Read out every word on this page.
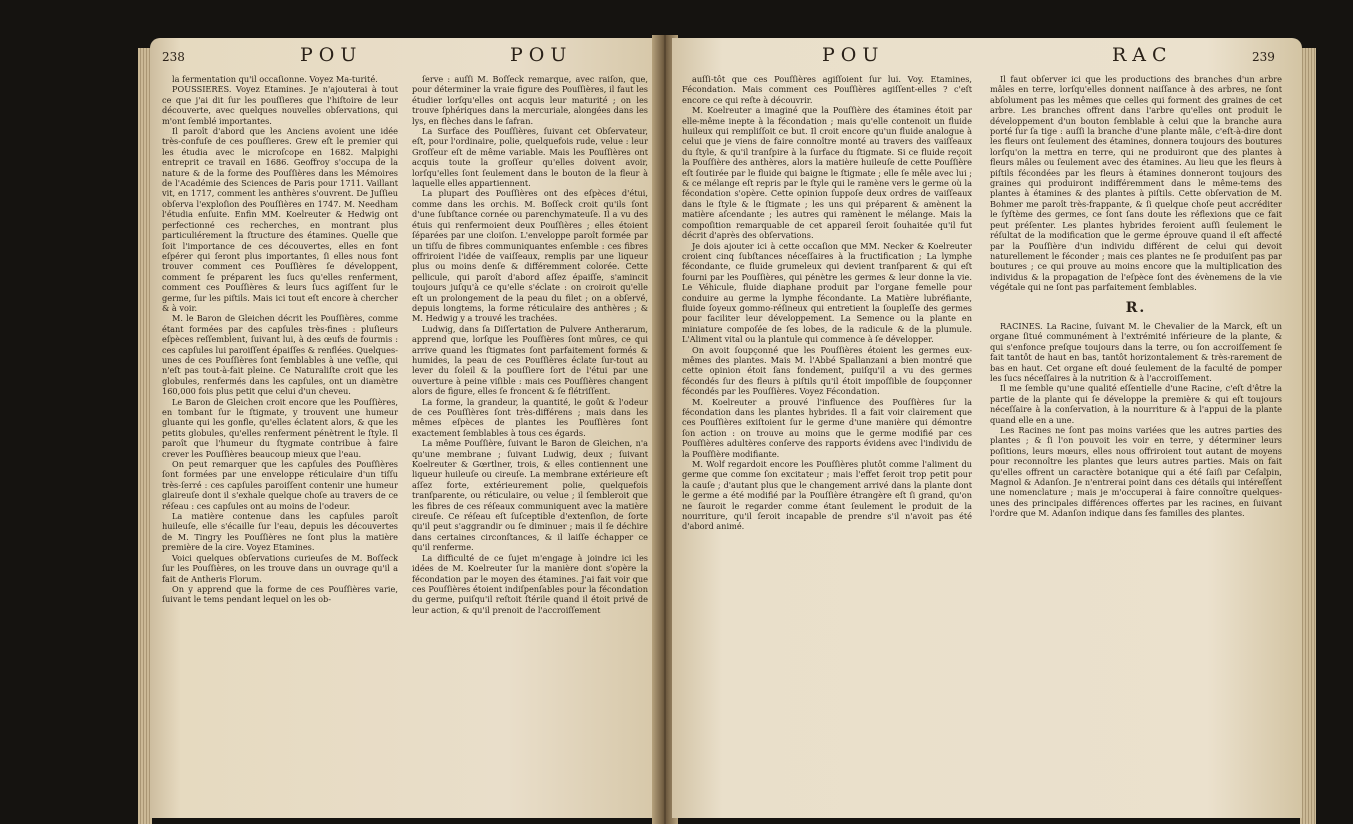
238	POU	POU

la fermentation qu'il occaſionne. Voyez Ma-turité.

POUSSIERES. Voyez Etamines. Je n'ajouterai à tout ce que j'ai dit ſur les pouſſieres que l'hiſtoire de leur découverte, avec quelques nouvelles obſervations, qui m'ont ſemblé importantes.

Il paroît d'abord que les Anciens avoient une idée très-confuſe de ces pouſſieres. Grew eſt le premier qui les étudia avec le microſcope en 1682. Malpighi entreprit ce travail en 1686. Geoffroy s'occupa de la nature & de la forme des Pouſſières dans les Mémoires de l'Académie des Sciences de Paris pour 1711. Vaillant vit, en 1717, comment les anthères s'ouvrent. De Juſſieu obſerva l'exploſion des Pouſſières en 1747. M. Needham l'étudia enſuite. Enfin MM. Koelreuter & Hedwig ont perfectionné ces recherches, en montrant plus particuliérement la ſtructure des étamines. Quelle que ſoit l'importance de ces découvertes, elles en font eſpérer qui ſeront plus importantes, ſi elles nous font trouver comment ces Pouſſières ſe développent, comment ſe préparent les ſucs qu'elles renferment, comment ces Pouſſières & leurs ſucs agiſſent ſur le germe, ſur les piſtils. Mais ici tout eſt encore à chercher & à voir.

M. le Baron de Gleichen décrit les Pouſſières, comme étant formées par des capſules très-fines : pluſieurs eſpèces reſſemblent, ſuivant lui, à des œufs de fourmis : ces capſules lui paroiſſent épaiſſes & renflées. Quelques-unes de ces Pouſſières ſont ſemblables à une veſſie, qui n'eſt pas tout-à-fait pleine. Ce Naturaliſte croit que les globules, renfermés dans les capſules, ont un diamètre 160,000 fois plus petit que celui d'un cheveu.

Le Baron de Gleichen croit encore que les Pouſſières, en tombant ſur le ſtigmate, y trouvent une humeur gluante qui les gonfle, qu'elles éclatent alors, & que les petits globules, qu'elles renferment pénètrent le ſtyle. Il paroît que l'humeur du ſtygmate contribue à faire crever les Pouſſières beaucoup mieux que l'eau.

On peut remarquer que les capſules des Pouſſières ſont formées par une enveloppe réticulaire d'un tiſſu très-ſerré : ces capſules paroiſſent contenir une humeur glaireuſe dont il s'exhale quelque choſe au travers de ce réſeau : ces capſules ont au moins de l'odeur.

La matière contenue dans les capſules paroît huileuſe, elle s'écaille ſur l'eau, depuis les découvertes de M. Tingry les Pouſſières ne ſont plus la matière première de la cire. Voyez Etamines.

Voici quelques obſervations curieuſes de M. Boſſeck ſur les Pouſſières, on les trouve dans un ouvrage qu'il a fait de Antheris Florum.

On y apprend que la forme de ces Pouſſières varie, ſuivant le tems pendant lequel on les ob-

ſerve : auſſi M. Boſſeck remarque, avec raiſon, que, pour déterminer la vraie figure des Pouſſières, il faut les étudier lorſqu'elles ont acquis leur maturité ; on les trouve ſphériques dans la mercuriale, alongées dans les lys, en flèches dans le ſafran.

La Surface des Pouſſières, ſuivant cet Obſervateur, eſt, pour l'ordinaire, polie, quelquefois rude, velue : leur Groſſeur eſt de même variable. Mais les Pouſſières ont acquis toute la groſſeur qu'elles doivent avoir, lorſqu'elles ſont ſeulement dans le bouton de la fleur à laquelle elles appartiennent.

La plupart des Pouſſières ont des eſpèces d'étui, comme dans les orchis. M. Boſſeck croit qu'ils ſont d'une ſubſtance cornée ou parenchymateuſe. Il a vu des étuis qui renfermoient deux Pouſſières ; elles étoient ſéparées par une cloiſon. L'enveloppe paroît formée par un tiſſu de fibres communiquantes enſemble : ces fibres offriroient l'idée de vaiſſeaux, remplis par une liqueur plus ou moins denſe & différemment colorée. Cette pellicule, qui paroît d'abord aſſez épaiſſe, s'amincit toujours juſqu'à ce qu'elle s'éclate : on croiroit qu'elle eſt un prolongement de la peau du filet ; on a obſervé, depuis longtems, la forme réticulaire des anthères ; & M. Hedwig y a trouvé les trachées.

Ludwig, dans ſa Diſſertation de Pulvere Antherarum, apprend que, lorſque les Pouſſières ſont mûres, ce qui arrive quand les ſtigmates ſont parfaitement formés & humides, la peau de ces Pouſſières éclate ſur-tout au lever du ſoleil & la pouſſiere ſort de l'étui par une ouverture à peine viſible : mais ces Pouſſières changent alors de figure, elles ſe froncent & ſe flétriſſent.

La forme, la grandeur, la quantité, le goût & l'odeur de ces Pouſſières ſont très-différens ; mais dans les mêmes eſpèces de plantes les Pouſſières ſont exactement ſemblables à tous ces égards.

La même Pouſſière, ſuivant le Baron de Gleichen, n'a qu'une membrane ; ſuivant Ludwig, deux ; ſuivant Koelreuter & Gœrtlner, trois, & elles contiennent une liqueur huileuſe ou cireuſe. La membrane extérieure eſt aſſez forte, extérieurement polie, quelquefois tranſparente, ou réticulaire, ou velue ; il ſembleroit que les fibres de ces réſeaux communiquent avec la matière cireuſe. Ce réſeau eſt ſuſceptible d'extenſion, de ſorte qu'il peut s'aggrandir ou ſe diminuer ; mais il ſe déchire dans certaines circonſtances, & il laiſſe échapper ce qu'il renferme.

La difficulté de ce ſujet m'engage à joindre ici les idées de M. Koelreuter ſur la manière dont s'opère la fécondation par le moyen des étamines. J'ai fait voir que ces Pouſſières étoient indiſpenſables pour la fécondation du germe, puiſqu'il reſtoit ſtérile quand il étoit privé de leur action, & qu'il prenoit de l'accroiſſement

POU	RAC	239

auſſi-tôt que ces Pouſſières agiſſoient ſur lui. Voy. Etamines, Fécondation. Mais comment ces Pouſſières agiſſent-elles ? c'eſt encore ce qui reſte à découvrir.

M. Koelreuter a imaginé que la Pouſſière des étamines étoit par elle-même inepte à la fécondation ; mais qu'elle contenoit un fluide huileux qui rempliſſoit ce but. Il croit encore qu'un fluide analogue à celui que je viens de faire connoître monté au travers des vaiſſeaux du ſtyle, & qu'il tranſpire à la ſurface du ſtigmate. Si ce fluide reçoit la Pouſſière des anthères, alors la matière huileuſe de cette Pouſſière eſt ſoutirée par le fluide qui baigne le ſtigmate ; elle ſe mêle avec lui ; & ce mélange eſt repris par le ſtyle qui le ramène vers le germe où la fécondation s'opère. Cette opinion ſuppoſe deux ordres de vaiſſeaux dans le ſtyle & le ſtigmate ; les uns qui préparent & amènent la matière aſcendante ; les autres qui ramènent le mélange. Mais la compoſition remarquable de cet appareil ſeroit ſouhaitée qu'il fut décrit d'après des obſervations.

Je dois ajouter ici à cette occaſion que MM. Necker & Koelreuter croient cinq ſubſtances néceſſaires à la fructification ; La lymphe fécondante, ce fluide grumeleux qui devient tranſparent & qui eſt fourni par les Pouſſières, qui pénètre les germes & leur donne la vie. Le Véhicule, fluide diaphane produit par l'organe femelle pour conduire au germe la lymphe fécondante. La Matière lubréfiante, fluide ſoyeux gommo-réſineux qui entretient la ſoupleſſe des germes pour faciliter leur développement. La Semence ou la plante en miniature compoſée de ſes lobes, de la radicule & de la plumule. L'Aliment vital ou la plantule qui commence à ſe développer.

On avoit ſoupçonné que les Pouſſières étoient les germes eux-mêmes des plantes. Mais M. l'Abbé Spallanzani a bien montré que cette opinion étoit ſans fondement, puiſqu'il a vu des germes fécondés ſur des fleurs à piſtils qu'il étoit impoſſible de ſoupçonner fécondés par les Pouſſières. Voyez Fécondation.

M. Koelreuter a prouvé l'influence des Pouſſières ſur la fécondation dans les plantes hybrides. Il a fait voir clairement que ces Pouſſières exiſtoient ſur le germe d'une manière qui démontre ſon action : on trouve au moins que le germe modifié par ces Pouſſières adultères conſerve des rapports évidens avec l'individu de la Pouſſière modifiante.

M. Wolf regardoit encore les Pouſſières plutôt comme l'aliment du germe que comme ſon excitateur ; mais l'effet ſeroit trop petit pour la cauſe ; d'autant plus que le changement arrivé dans la plante dont le germe a été modifié par la Pouſſière étrangère eſt ſi grand, qu'on ne ſauroit le regarder comme étant ſeulement le produit de la nourriture, qu'il ſeroit incapable de prendre s'il n'avoit pas été d'abord animé.

Il faut obſerver ici que les productions des branches d'un arbre mâles en terre, lorſqu'elles donnent naiſſance à des arbres, ne ſont abſolument pas les mêmes que celles qui forment des graines de cet arbre. Les branches offrent dans l'arbre qu'elles ont produit le développement d'un bouton ſemblable à celui que la branche aura porté ſur ſa tige : auſſi la branche d'une plante mâle, c'eſt-à-dire dont les fleurs ont ſeulement des étamines, donnera toujours des boutures lorſqu'on la mettra en terre, qui ne produiront que des plantes à fleurs mâles ou ſeulement avec des étamines. Au lieu que les fleurs à piſtils fécondées par les fleurs à étamines donneront toujours des graines qui produiront indifféremment dans le même-tems des plantes à étamines & des plantes à piſtils. Cette obſervation de M. Bohmer me paroît très-frappante, & ſi quelque choſe peut accréditer le ſyſtème des germes, ce ſont ſans doute les réflexions que ce fait peut préſenter. Les plantes hybrides feroient auſſi ſeulement le réſultat de la modification que le germe éprouve quand il eſt affecté par la Pouſſière d'un individu différent de celui qui devoit naturellement le féconder ; mais ces plantes ne ſe produiſent pas par boutures ; ce qui prouve au moins encore que la multiplication des individus & la propagation de l'eſpèce ſont des évènemens de la vie végétale qui ne ſont pas parfaitement ſemblables.

R.

RACINES. La Racine, ſuivant M. le Chevalier de la Marck, eſt un organe ſitué communément à l'extrémité inférieure de la plante, & qui s'enfonce preſque toujours dans la terre, ou ſon accroiſſement ſe fait tantôt de haut en bas, tantôt horizontalement & très-rarement de bas en haut. Cet organe eſt doué ſeulement de la faculté de pomper les ſucs néceſſaires à la nutrition & à l'accroiſſement.

Il me ſemble qu'une qualité eſſentielle d'une Racine, c'eſt d'être la partie de la plante qui ſe développe la première & qui eſt toujours néceſſaire à la conſervation, à la nourriture & à l'appui de la plante quand elle en a une.

Les Racines ne ſont pas moins variées que les autres parties des plantes ; & ſi l'on pouvoit les voir en terre, y déterminer leurs poſitions, leurs mœurs, elles nous offriroient tout autant de moyens pour reconnoître les plantes que leurs autres parties. Mais on fait qu'elles offrent un caractère botanique qui a été ſaiſi par Ceſalpin, Magnol & Adanſon. Je n'entrerai point dans ces détails qui intéreſſent une nomenclature ; mais je m'occuperai à faire connoître quelques-unes des principales différences offertes par les racines, en ſuivant l'ordre que M. Adanſon indique dans ſes familles des plantes.
